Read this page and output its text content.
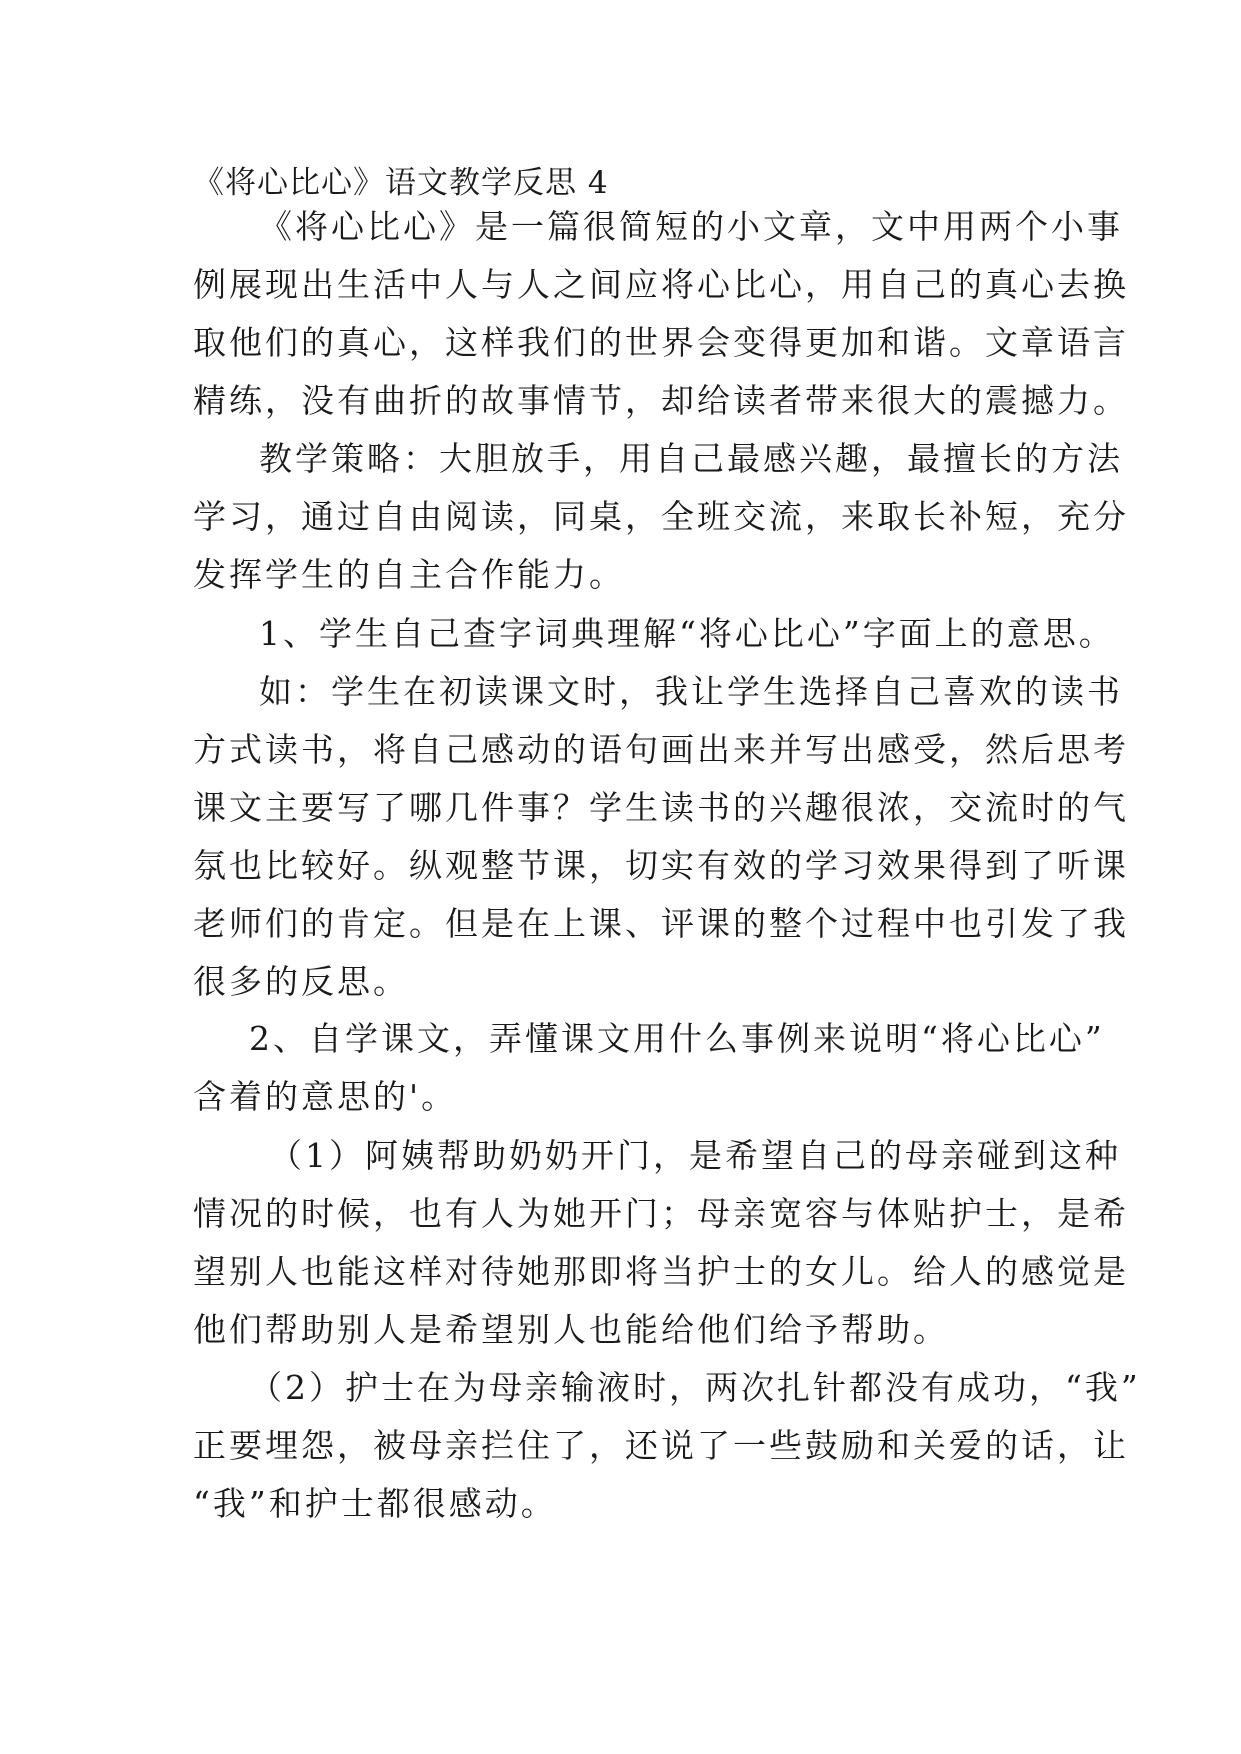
《将心比心》语文教学反思 4
《将心比心》是一篇很简短的小文章，文中用两个小事
例展现出生活中人与人之间应将心比心，用自己的真心去换
取他们的真心，这样我们的世界会变得更加和谐。文章语言
精练，没有曲折的故事情节，却给读者带来很大的震撼力。
教学策略：大胆放手，用自己最感兴趣，最擅长的方法
学习，通过自由阅读，同桌，全班交流，来取长补短，充分
发挥学生的自主合作能力。
1、学生自己查字词典理解“将心比心”字面上的意思。
如：学生在初读课文时，我让学生选择自己喜欢的读书
方式读书，将自己感动的语句画出来并写出感受，然后思考
课文主要写了哪几件事？学生读书的兴趣很浓，交流时的气
氛也比较好。纵观整节课，切实有效的学习效果得到了听课
老师们的肯定。但是在上课、评课的整个过程中也引发了我
很多的反思。
2、自学课文，弄懂课文用什么事例来说明“将心比心”
含着的意思的'。
（1）阿姨帮助奶奶开门，是希望自己的母亲碰到这种
情况的时候，也有人为她开门；母亲宽容与体贴护士，是希
望别人也能这样对待她那即将当护士的女儿。给人的感觉是
他们帮助别人是希望别人也能给他们给予帮助。
（2）护士在为母亲输液时，两次扎针都没有成功，“我”
正要埋怨，被母亲拦住了，还说了一些鼓励和关爱的话，让
“我”和护士都很感动。
